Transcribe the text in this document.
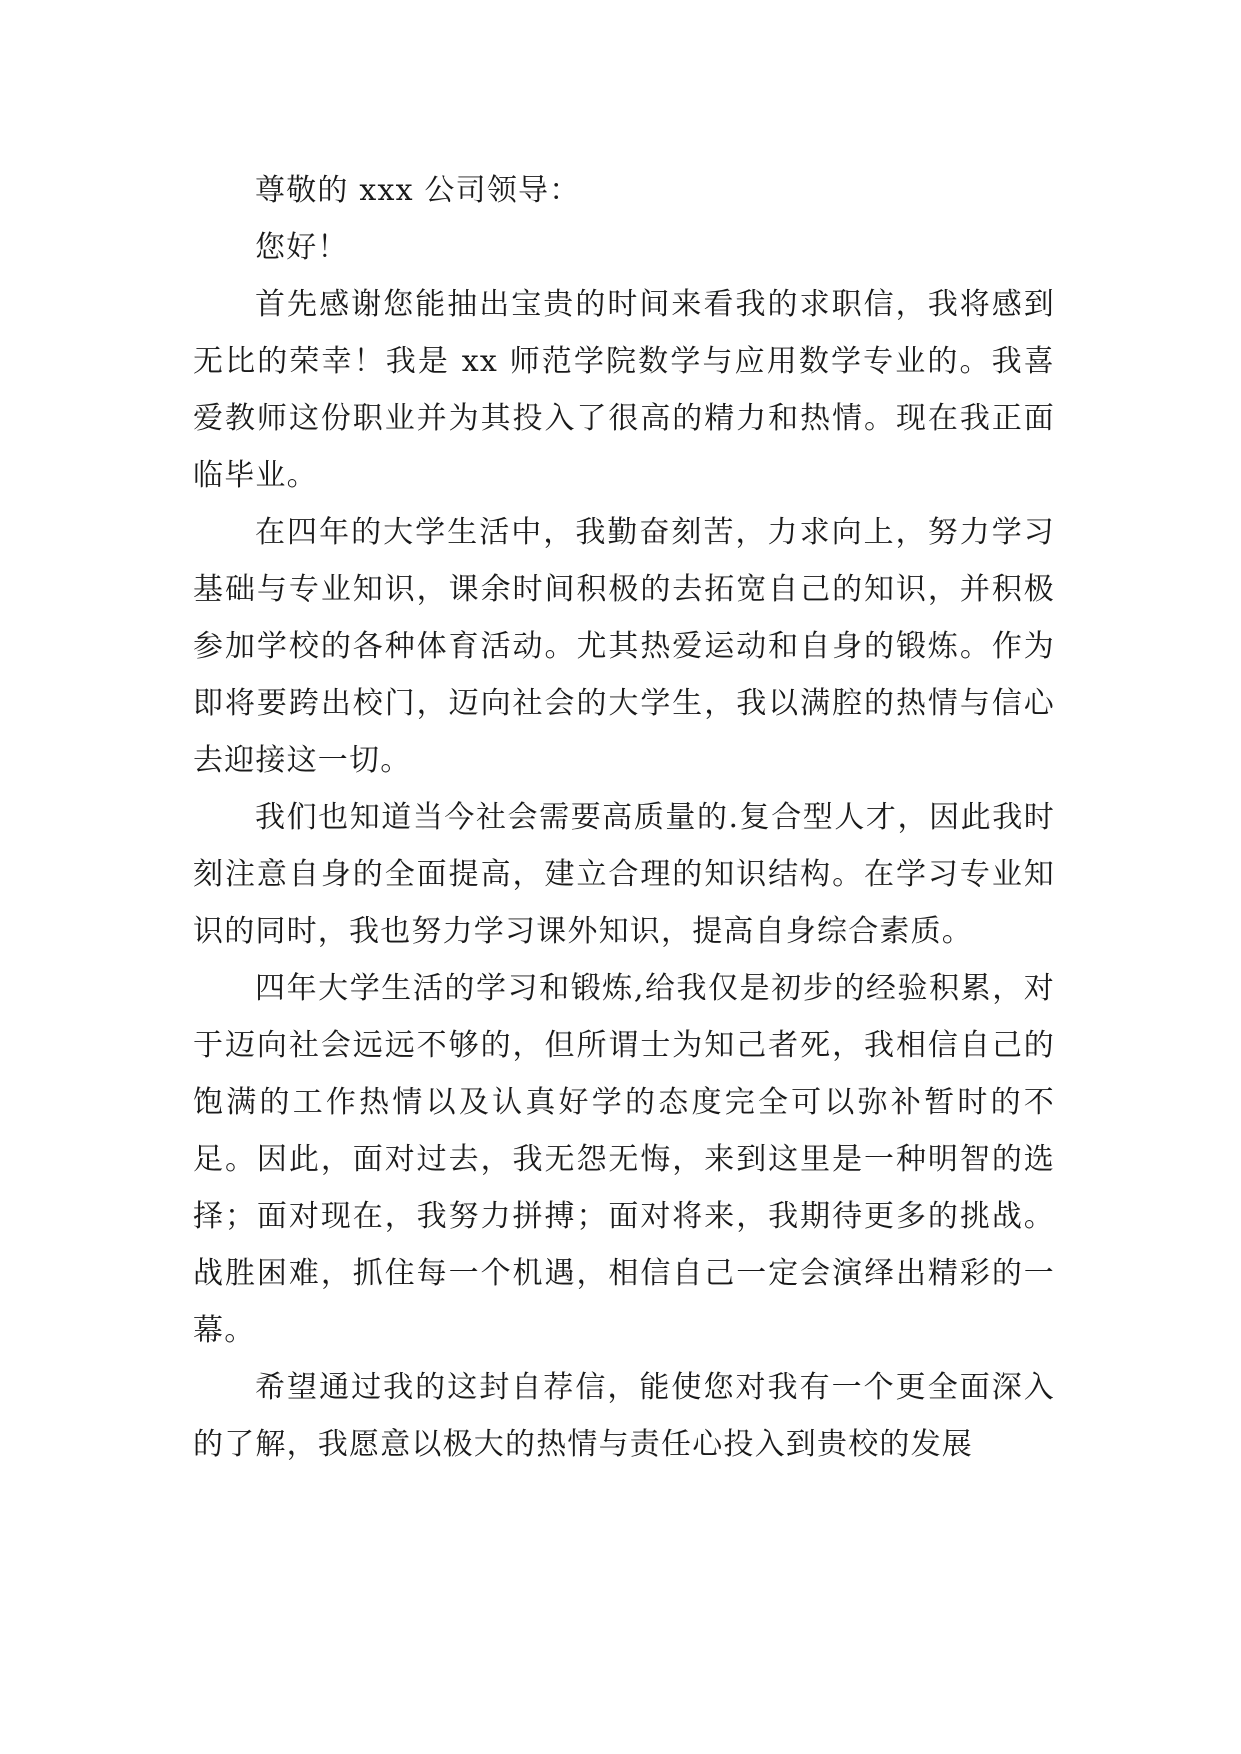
尊敬的 xxx 公司领导：

您好！

首先感谢您能抽出宝贵的时间来看我的求职信，我将感到无比的荣幸！我是 xx 师范学院数学与应用数学专业的。我喜爱教师这份职业并为其投入了很高的精力和热情。现在我正面临毕业。

在四年的大学生活中，我勤奋刻苦，力求向上，努力学习基础与专业知识，课余时间积极的去拓宽自己的知识，并积极参加学校的各种体育活动。尤其热爱运动和自身的锻炼。作为即将要跨出校门，迈向社会的大学生，我以满腔的热情与信心去迎接这一切。

我们也知道当今社会需要高质量的.复合型人才，因此我时刻注意自身的全面提高，建立合理的知识结构。在学习专业知识的同时，我也努力学习课外知识，提高自身综合素质。

四年大学生活的学习和锻炼,给我仅是初步的经验积累，对于迈向社会远远不够的，但所谓士为知己者死，我相信自己的饱满的工作热情以及认真好学的态度完全可以弥补暂时的不足。因此，面对过去，我无怨无悔，来到这里是一种明智的选择；面对现在，我努力拼搏；面对将来，我期待更多的挑战。战胜困难，抓住每一个机遇，相信自己一定会演绎出精彩的一幕。

希望通过我的这封自荐信，能使您对我有一个更全面深入的了解，我愿意以极大的热情与责任心投入到贵校的发展
